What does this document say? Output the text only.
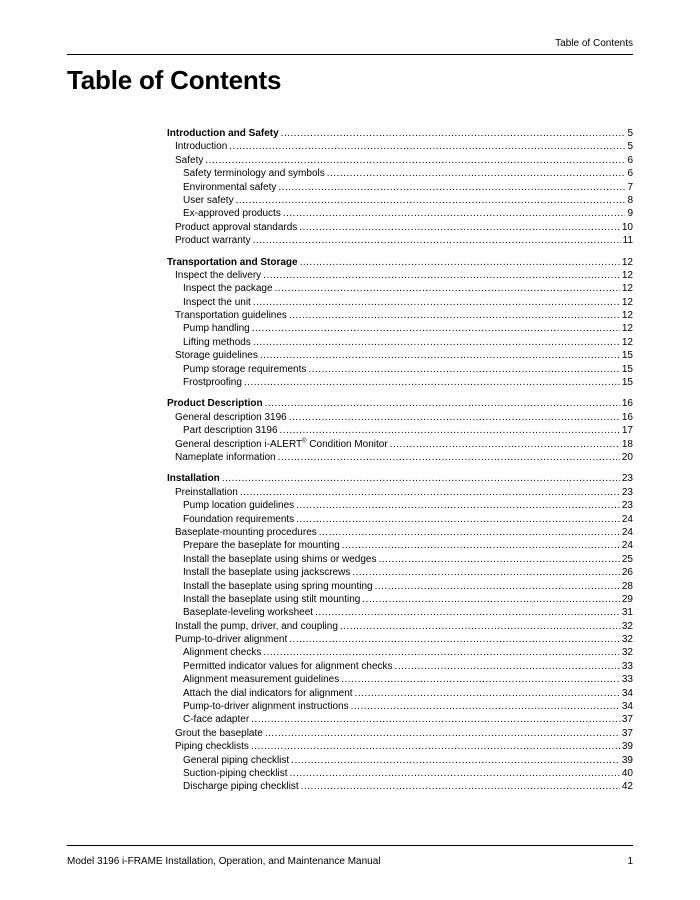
Table of Contents
Table of Contents
Introduction and Safety .....	5
Introduction .....	5
Safety .....	6
Safety terminology and symbols .....	6
Environmental safety .....	7
User safety .....	8
Ex-approved products .....	9
Product approval standards .....	10
Product warranty .....	11
Transportation and Storage .....	12
Inspect the delivery .....	12
Inspect the package .....	12
Inspect the unit .....	12
Transportation guidelines .....	12
Pump handling .....	12
Lifting methods .....	12
Storage guidelines .....	15
Pump storage requirements .....	15
Frostproofing .....	15
Product Description .....	16
General description 3196 .....	16
Part description 3196 .....	17
General description i-ALERT® Condition Monitor .....	18
Nameplate information .....	20
Installation .....	23
Preinstallation .....	23
Pump location guidelines .....	23
Foundation requirements .....	24
Baseplate-mounting procedures .....	24
Prepare the baseplate for mounting .....	24
Install the baseplate using shims or wedges .....	25
Install the baseplate using jackscrews .....	26
Install the baseplate using spring mounting .....	28
Install the baseplate using stilt mounting .....	29
Baseplate-leveling worksheet .....	31
Install the pump, driver, and coupling .....	32
Pump-to-driver alignment .....	32
Alignment checks .....	32
Permitted indicator values for alignment checks .....	33
Alignment measurement guidelines .....	33
Attach the dial indicators for alignment .....	34
Pump-to-driver alignment instructions .....	34
C-face adapter .....	37
Grout the baseplate .....	37
Piping checklists .....	39
General piping checklist .....	39
Suction-piping checklist .....	40
Discharge piping checklist .....	42
Model 3196 i-FRAME Installation, Operation, and Maintenance Manual	1
